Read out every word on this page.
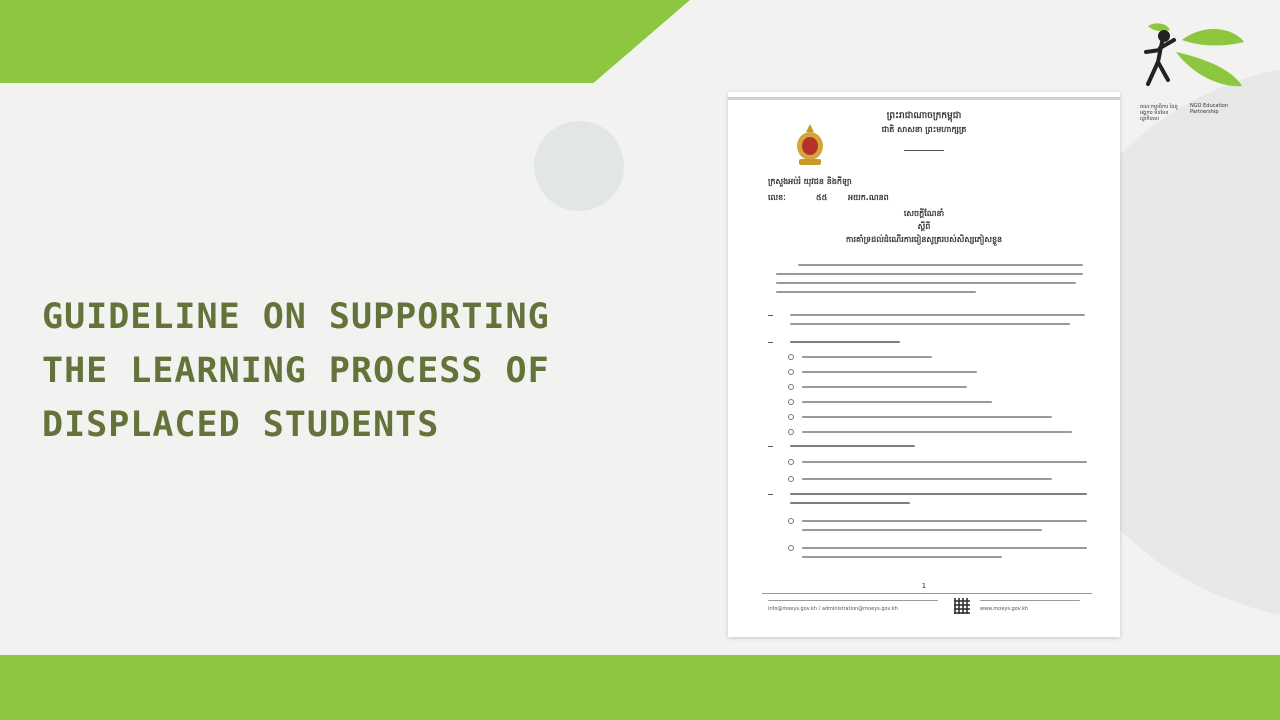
GUIDELINE ON SUPPORTING
THE LEARNING PROCESS OF
DISPLACED STUDENTS
ព្រះរាជាណាចក្រកម្ពុជា
ជាតិ សាសនា ព្រះមហាក្សត្រ
ក្រសួងអប់រំ យុវជន និងកីឡា
លេខៈ	៥៥	អយក.ណនព
សេចក្តីណែនាំ
ស្តីពី
ការគាំទ្រដល់ដំណើរការរៀនសូត្ររបស់សិស្សភៀសខ្លួន
1
info@moeys.gov.kh / administration@moeys.gov.kh	www.moeys.gov.kh
គណៈកម្មាធិការ ដៃគូអង្គការ មិនមែនរដ្ឋាភិបាល
NGO Education
Partnership
